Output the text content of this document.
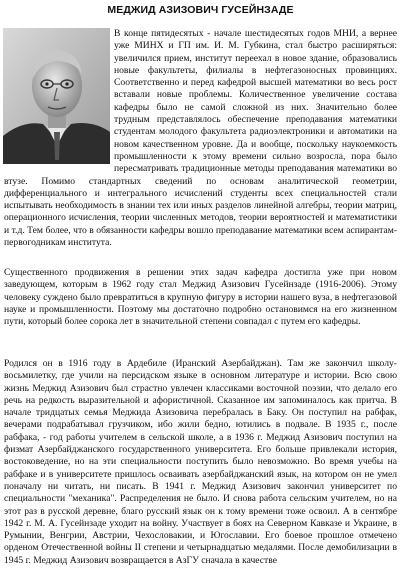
МЕДЖИД АЗИЗОВИЧ ГУСЕЙНЗАДЕ
В конце пятидесятых - начале шестидесятых годов МНИ, а вернее уже МИНХ и ГП им. И. М. Губкина, стал быстро расширяться: увеличился прием, институт переехал в новое здание, образовались новые факультеты, филиалы в нефтегазоносных провинциях. Соответственно и перед кафедрой высшей математики во весь рост вставали новые проблемы. Количественное увеличение состава кафедры было не самой сложной из них. Значительно более трудным представлялось обеспечение преподавания математики студентам молодого факультета радиоэлектроники и автоматики на новом качественном уровне. Да и вообще, поскольку наукоемкость промышленности к этому времени сильно возросла, пора было пересматривать традиционные методы преподавания математики во втузе. Помимо стандартных сведений по основам аналитической геометрии, дифференциального и интегрального исчислений студенты всех специальностей стали испытывать необходимость в знании тех или иных разделов линейной алгебры, теории матриц, операционного исчисления, теории численных методов, теории вероятностей и математистики и т.д. Тем более, что в обязанности кафедры вошло преподавание математики всем аспирантам-первогодникам института.
Существенного продвижения в решении этих задач кафедра достигла уже при новом заведующем, которым в 1962 году стал Меджид Азизович Гусейнзаде (1916-2006). Этому человеку суждено было превратиться в крупную фигуру в истории нашего вуза, в нефтегазовой науке и промышленности. Поэтому мы достаточно подробно остановимся на его жизненном пути, который более сорока лет в значительной степени совпадал с путем его кафедры.
Родился он в 1916 году в Ардебиле (Иранский Азербайджан). Там же закончил школу-восьмилетку, где учили на персидском языке в основном литературе и истории. Всю свою жизнь Меджид Азизович был страстно увлечен классиками восточной поэзии, что делало его речь на редкость выразительной и афористичной. Сказанное им запоминалось как притча. В начале тридцатых семья Меджида Азизовича перебралась в Баку. Он поступил на рабфак, вечерами подрабатывал грузчиком, ибо жили бедно, ютились в подвале. В 1935 г., после рабфака, - год работы учителем в сельской школе, а в 1936 г. Меджид Азизович поступил на физмат Азербайджанского государственного университета. Его больше привлекали история, востоковедение, но на эти специальности поступить было невозможно. Во время учебы на рабфаке и в университете пришлось осваивать азербайджанский язык, на котором он не умел поначалу ни читать, ни писать. В 1941 г. Меджид Азизович закончил университет по специальности "механика". Распределения не было. И снова работа сельским учителем, но на этот раз в русской деревне, благо русский язык он к тому времени тоже освоил. А в сентябре 1942 г. М. А. Гусейнзаде уходит на войну. Участвует в боях на Северном Кавказе и Украине, в Румынии, Венгрии, Австрии, Чехословакии, и Югославии. Его боевое прошлое отмечено орденом Отечественной войны II степени и четырнадцатью медалями. После демобилизации в 1945 г. Меджид Азизович возвращается в АзГУ сначала в качестве
